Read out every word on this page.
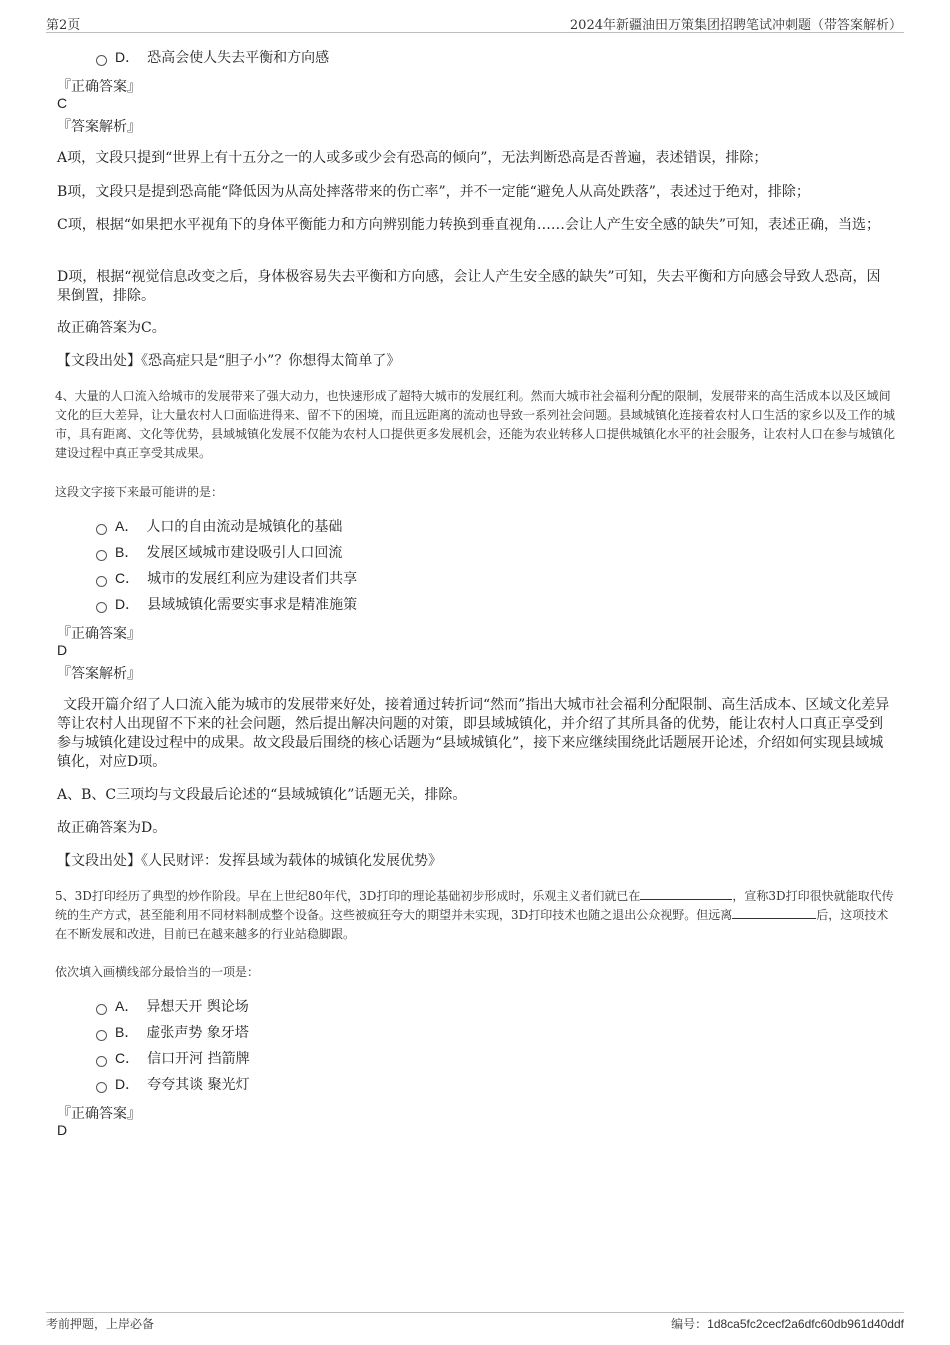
第2页	2024年新疆油田万策集团招聘笔试冲刺题（带答案解析）
D． 恐高会使人失去平衡和方向感
『正确答案』
C
『答案解析』
A项，文段只提到“世界上有十五分之一的人或多或少会有恐高的倾向”，无法判断恐高是否普遍，表述错误，排除；
B项，文段只是提到恐高能“降低因为从高处摔落带来的伤亡率”，并不一定能“避免人从高处跌落”，表述过于绝对，排除；
C项，根据“如果把水平视角下的身体平衡能力和方向辨别能力转换到垂直视角……会让人产生安全感的缺失”可知，表述正确，当选；
D项，根据“视觉信息改变之后，身体极容易失去平衡和方向感，会让人产生安全感的缺失”可知，失去平衡和方向感会导致人恐高，因果倒置，排除。
故正确答案为C。
【文段出处】《恐高症只是“胆子小”？你想得太简单了》
4、大量的人口流入给城市的发展带来了强大动力，也快速形成了超特大城市的发展红利。然而大城市社会福利分配的限制，发展带来的高生活成本以及区域间文化的巨大差异，让大量农村人口面临进得来、留不下的困境，而且远距离的流动也导致一系列社会问题。县域城镇化连接着农村人口生活的家乡以及工作的城市，具有距离、文化等优势，县域城镇化发展不仅能为农村人口提供更多发展机会，还能为农业转移人口提供城镇化水平的社会服务，让农村人口在参与城镇化建设过程中真正享受其成果。
这段文字接下来最可能讲的是：
A． 人口的自由流动是城镇化的基础
B． 发展区域城市建设吸引人口回流
C． 城市的发展红利应为建设者们共享
D． 县域城镇化需要实事求是精准施策
『正确答案』
D
『答案解析』
文段开篇介绍了人口流入能为城市的发展带来好处，接着通过转折词“然而”指出大城市社会福利分配限制、高生活成本、区域文化差异等让农村人出现留不下来的社会问题，然后提出解决问题的对策，即县域城镇化，并介绍了其所具备的优势，能让农村人口真正享受到参与城镇化建设过程中的成果。故文段最后围绕的核心话题为“县域城镇化”，接下来应继续围绕此话题展开论述，介绍如何实现县域城镇化，对应D项。
A、B、C三项均与文段最后论述的“县域城镇化”话题无关，排除。
故正确答案为D。
【文段出处】《人民财评：发挥县域为载体的城镇化发展优势》
5、3D打印经历了典型的炒作阶段。早在上世纪80年代，3D打印的理论基础初步形成时，乐观主义者们就已在	，宣称3D打印很快就能取代传统的生产方式，甚至能利用不同材料制成整个设备。这些被疯狂夸大的期望并未实现，3D打印技术也随之退出公众视野。但远离	后，这项技术在不断发展和改进，目前已在越来越多的行业站稳脚跟。
依次填入画横线部分最恰当的一项是：
A． 异想天开 舆论场
B． 虚张声势 象牙塔
C． 信口开河 挡箭牌
D． 夸夸其谈 聚光灯
『正确答案』
D
考前押题，上岸必备	编号：1d8ca5fc2cecf2a6dfc60db961d40ddf
